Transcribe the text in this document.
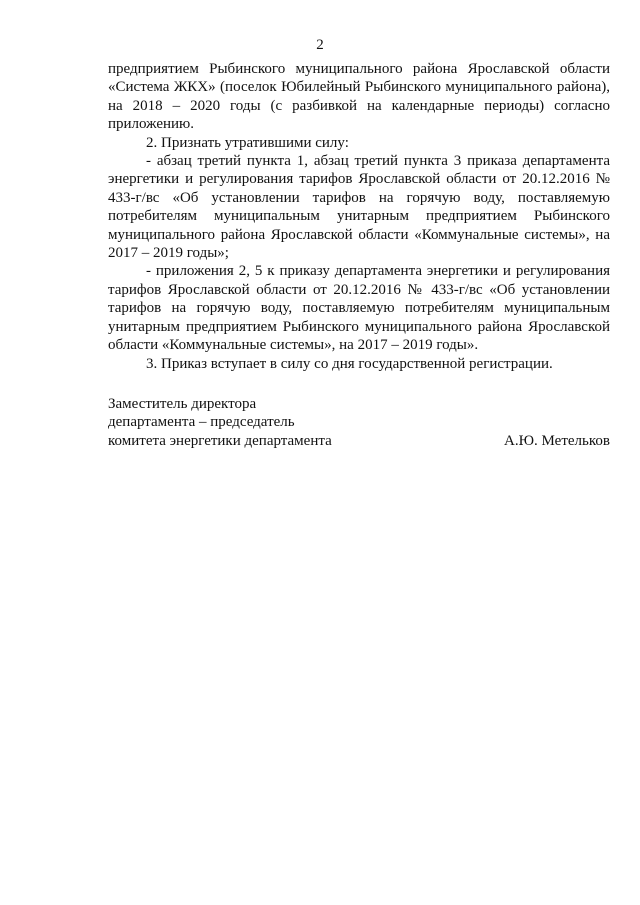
2

предприятием Рыбинского муниципального района Ярославской области «Система ЖКХ» (поселок Юбилейный Рыбинского муниципального района), на 2018 – 2020 годы (с разбивкой на календарные периоды) согласно приложению.

2. Признать утратившими силу:

- абзац третий пункта 1, абзац третий пункта 3 приказа департамента энергетики и регулирования тарифов Ярославской области от 20.12.2016 № 433-г/вс «Об установлении тарифов на горячую воду, поставляемую потребителям муниципальным унитарным предприятием Рыбинского муниципального района Ярославской области «Коммунальные системы», на 2017 – 2019 годы»;

- приложения 2, 5 к приказу департамента энергетики и регулирования тарифов Ярославской области от 20.12.2016 № 433-г/вс «Об установлении тарифов на горячую воду, поставляемую потребителям муниципальным унитарным предприятием Рыбинского муниципального района Ярославской области «Коммунальные системы», на 2017 – 2019 годы».

3. Приказ вступает в силу со дня государственной регистрации.

Заместитель директора
департамента – председатель
комитета энергетики департамента	А.Ю. Метельков
